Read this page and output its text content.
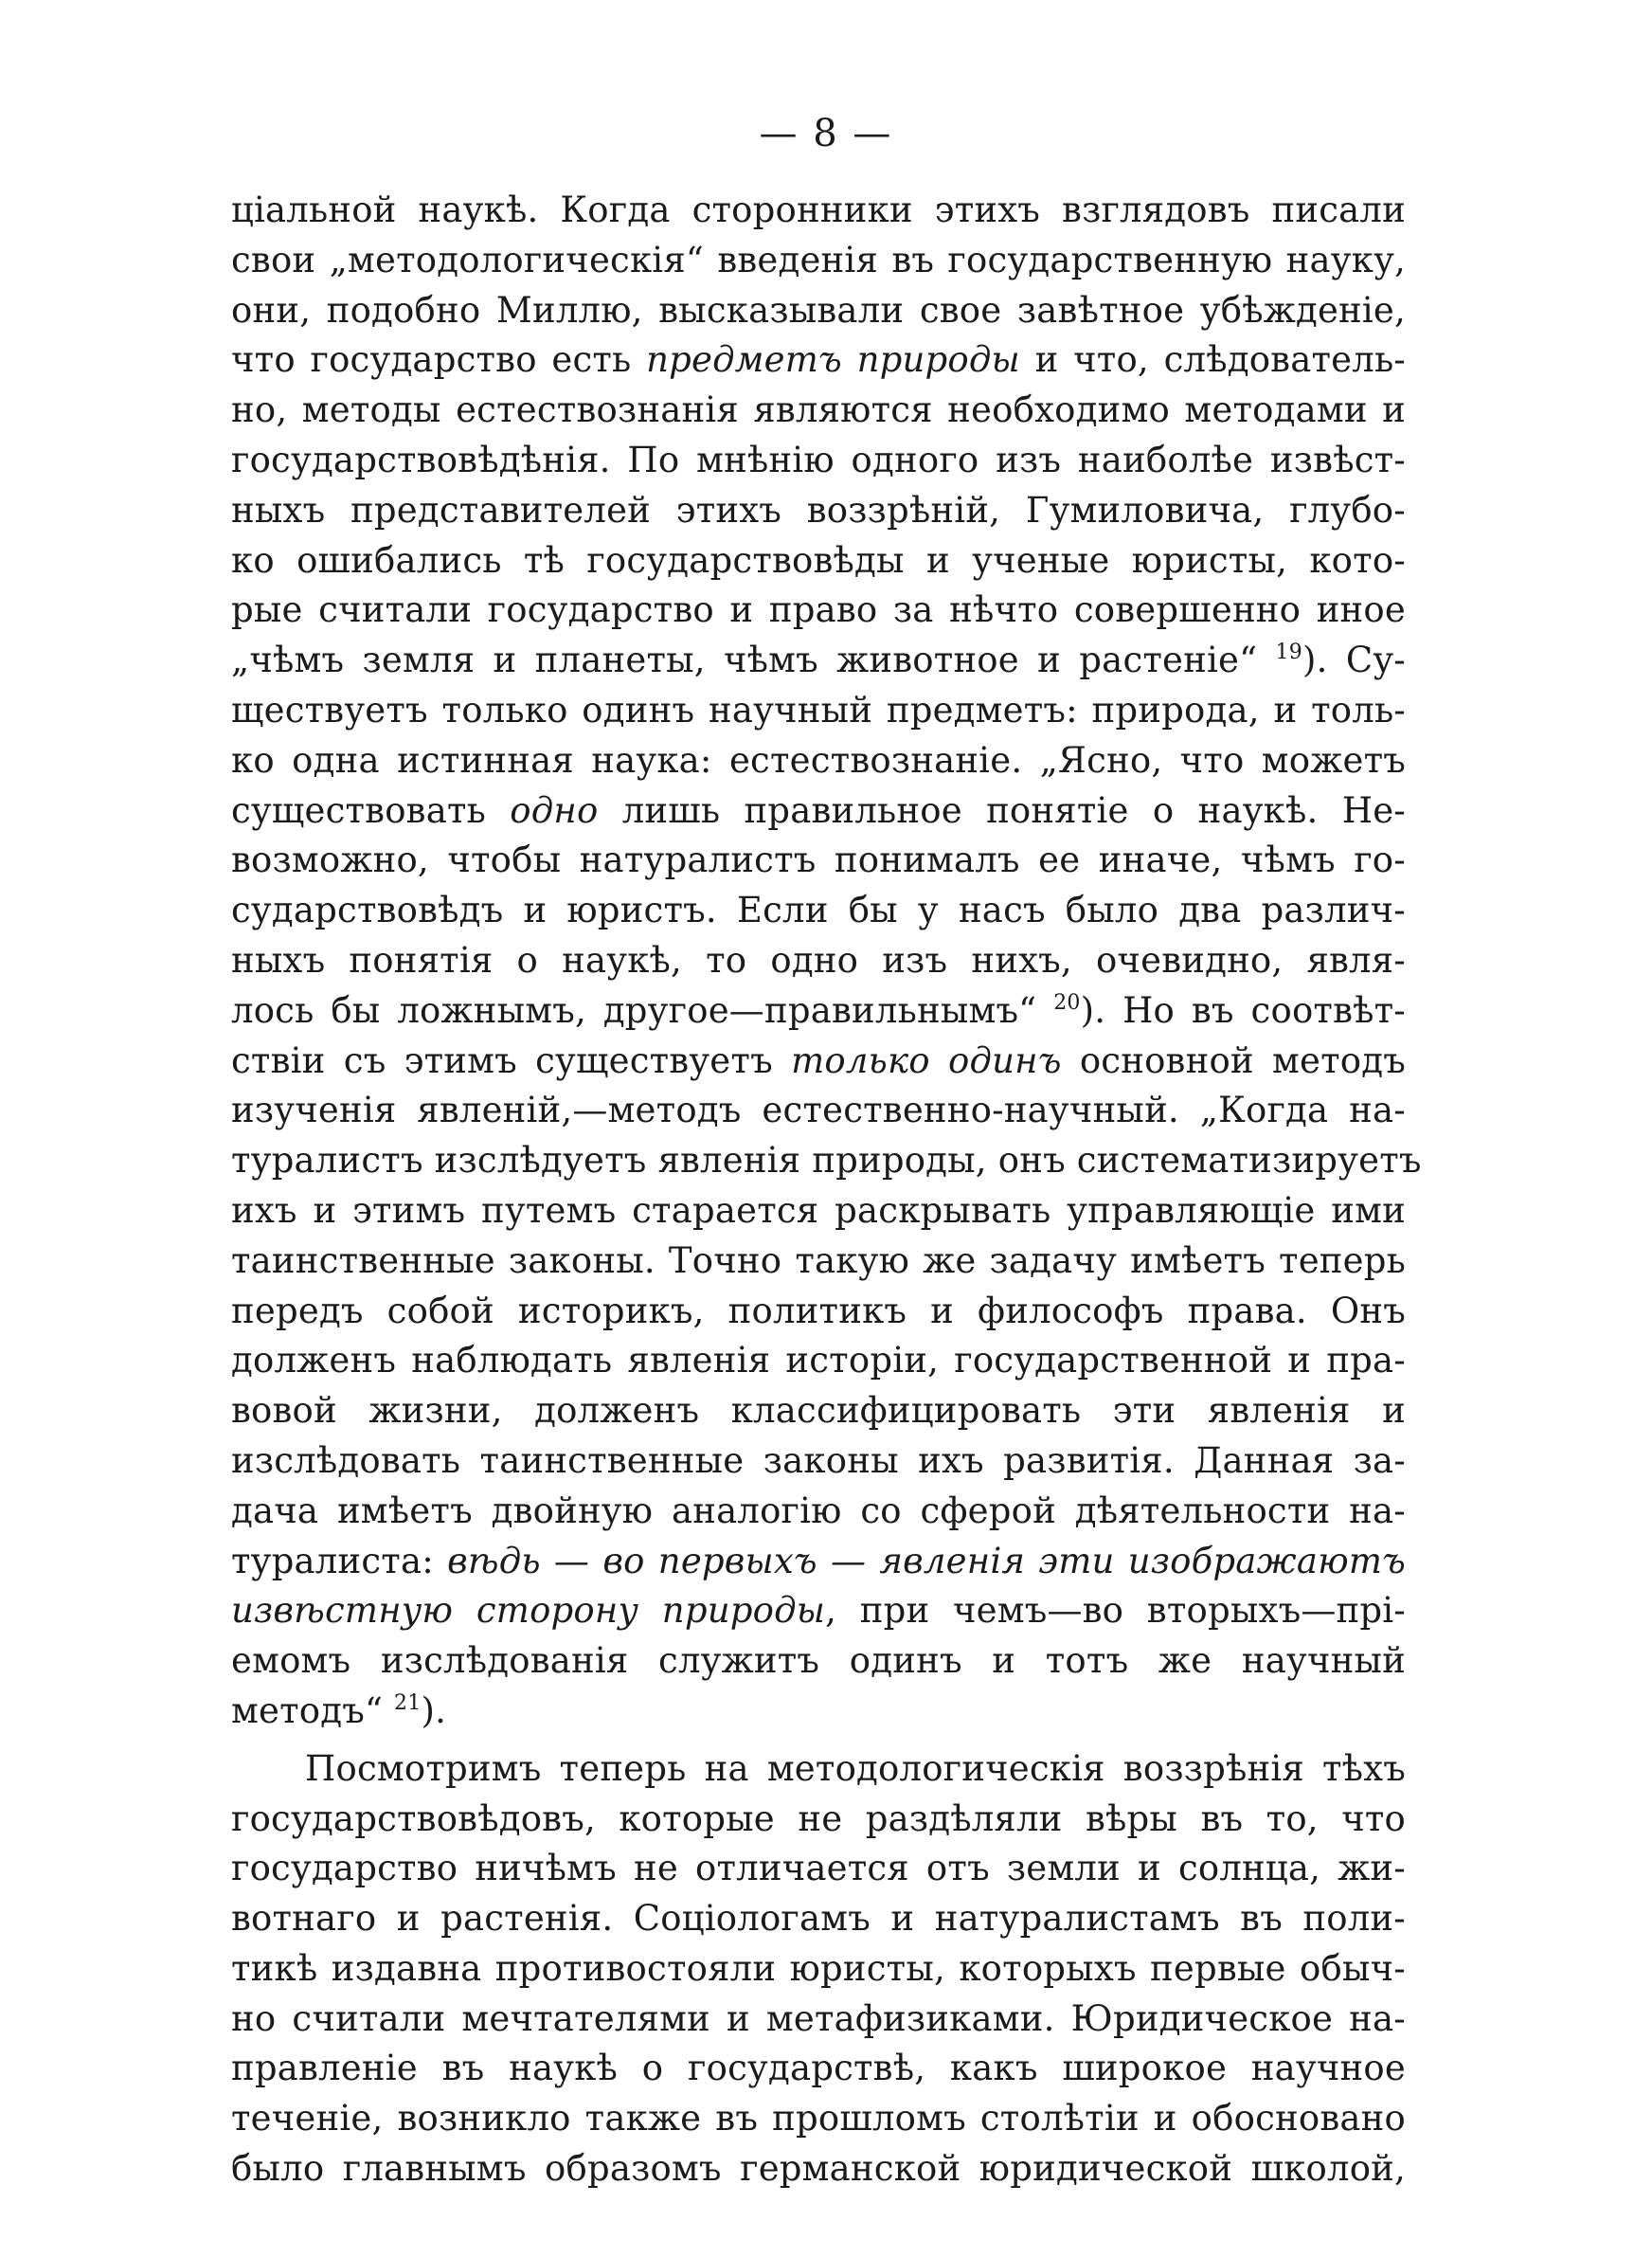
— 8 —
ціальной наукѣ. Когда сторонники этихъ взглядовъ писали
свои „методологическія“ введенія въ государственную науку,
они, подобно Миллю, высказывали свое завѣтное убѣжденіе,
что государство есть предметъ природы и что, слѣдователь-
но, методы естествознанія являются необходимо методами и
государствовѣдѣнія. По мнѣнію одного изъ наиболѣе извѣст-
ныхъ представителей этихъ воззрѣній, Гумиловича, глубо-
ко ошибались тѣ государствовѣды и ученые юристы, кото-
рые считали государство и право за нѣчто совершенно иное
„чѣмъ земля и планеты, чѣмъ животное и растеніе“ $^{19}$). Су-
ществуетъ только одинъ научный предметъ: природа, и толь-
ко одна истинная наука: естествознаніе. „Ясно, что можетъ
существовать одно лишь правильное понятіе о наукѣ. Не-
возможно, чтобы натуралистъ понималъ ее иначе, чѣмъ го-
сударствовѣдъ и юристъ. Если бы у насъ было два различ-
ныхъ понятія о наукѣ, то одно изъ нихъ, очевидно, явля-
лось бы ложнымъ, другое—правильнымъ“ $^{20}$). Но въ соотвѣт-
ствіи съ этимъ существуетъ только одинъ основной методъ
изученія явленій,—методъ естественно-научный. „Когда на-
туралистъ изслѣдуетъ явленія природы, онъ систематизируетъ
ихъ и этимъ путемъ старается раскрывать управляющіе ими
таинственные законы. Точно такую же задачу имѣетъ теперь
передъ собой историкъ, политикъ и философъ права. Онъ
долженъ наблюдать явленія исторіи, государственной и пра-
вовой жизни, долженъ классифицировать эти явленія и
изслѣдовать таинственные законы ихъ развитія. Данная за-
дача имѣетъ двойную аналогію со сферой дѣятельности на-
туралиста: вѣдь — во первыхъ — явленія эти изображаютъ
извѣстную сторону природы, при чемъ—во вторыхъ—прі-
емомъ изслѣдованія служитъ одинъ и тотъ же научный
методъ“ $^{21}$).
Посмотримъ теперь на методологическія воззрѣнія тѣхъ
государствовѣдовъ, которые не раздѣляли вѣры въ то, что
государство ничѣмъ не отличается отъ земли и солнца, жи-
вотнаго и растенія. Соціологамъ и натуралистамъ въ поли-
тикѣ издавна противостояли юристы, которыхъ первые обыч-
но считали мечтателями и метафизиками. Юридическое на-
правленіе въ наукѣ о государствѣ, какъ широкое научное
теченіе, возникло также въ прошломъ столѣтіи и обосновано
было главнымъ образомъ германской юридической школой,
